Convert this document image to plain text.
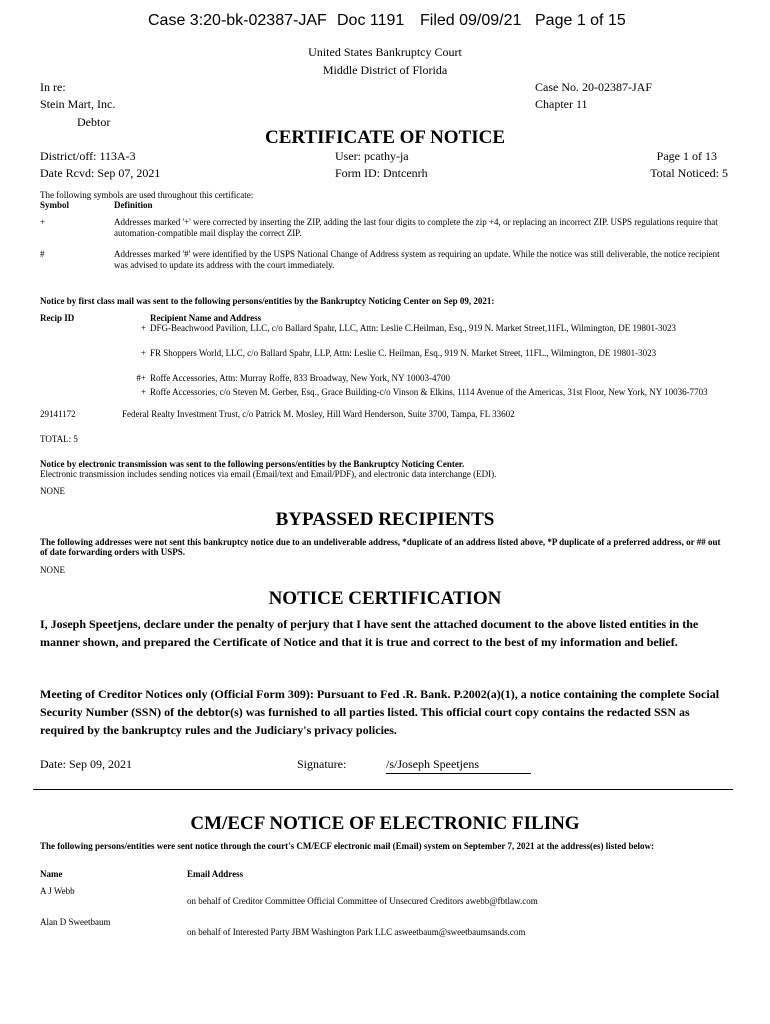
Case 3:20-bk-02387-JAF Doc 1191 Filed 09/09/21 Page 1 of 15
United States Bankruptcy Court
Middle District of Florida
In re:
Stein Mart, Inc.
Debtor
Case No. 20-02387-JAF
Chapter 11
CERTIFICATE OF NOTICE
District/off: 113A-3
Date Rcvd: Sep 07, 2021
User: pcathy-ja
Form ID: Dntcenrh
Page 1 of 13
Total Noticed: 5
The following symbols are used throughout this certificate:
Symbol	Definition
+	Addresses marked '+' were corrected by inserting the ZIP, adding the last four digits to complete the zip +4, or replacing an incorrect ZIP. USPS regulations require that automation-compatible mail display the correct ZIP.
#	Addresses marked '#' were identified by the USPS National Change of Address system as requiring an update. While the notice was still deliverable, the notice recipient was advised to update its address with the court immediately.
Notice by first class mail was sent to the following persons/entities by the Bankruptcy Noticing Center on Sep 09, 2021:
Recip ID	Recipient Name and Address
+ DFG-Beachwood Pavilion, LLC, c/o Ballard Spahr, LLC, Attn: Leslie C.Heilman, Esq., 919 N. Market Street,11FL, Wilmington, DE 19801-3023
+ FR Shoppers World, LLC, c/o Ballard Spahr, LLP, Attn: Leslie C. Heilman, Esq., 919 N. Market Street, 11FL., Wilmington, DE 19801-3023
#+ Roffe Accessories, Attn: Murray Roffe, 833 Broadway, New York, NY 10003-4700
+ Roffe Accessories, c/o Steven M. Gerber, Esq., Grace Building-c/o Vinson & Elkins, 1114 Avenue of the Americas, 31st Floor, New York, NY 10036-7703
29141172	Federal Realty Investment Trust, c/o Patrick M. Mosley, Hill Ward Henderson, Suite 3700, Tampa, FL 33602
TOTAL: 5
Notice by electronic transmission was sent to the following persons/entities by the Bankruptcy Noticing Center.
Electronic transmission includes sending notices via email (Email/text and Email/PDF), and electronic data interchange (EDI).
NONE
BYPASSED RECIPIENTS
The following addresses were not sent this bankruptcy notice due to an undeliverable address, *duplicate of an address listed above, *P duplicate of a preferred address, or ## out of date forwarding orders with USPS.
NONE
NOTICE CERTIFICATION
I, Joseph Speetjens, declare under the penalty of perjury that I have sent the attached document to the above listed entities in the manner shown, and prepared the Certificate of Notice and that it is true and correct to the best of my information and belief.
Meeting of Creditor Notices only (Official Form 309): Pursuant to Fed .R. Bank. P.2002(a)(1), a notice containing the complete Social Security Number (SSN) of the debtor(s) was furnished to all parties listed. This official court copy contains the redacted SSN as required by the bankruptcy rules and the Judiciary's privacy policies.
Date: Sep 09, 2021	Signature:	/s/Joseph Speetjens
CM/ECF NOTICE OF ELECTRONIC FILING
The following persons/entities were sent notice through the court's CM/ECF electronic mail (Email) system on September 7, 2021 at the address(es) listed below:
Name	Email Address
A J Webb
on behalf of Creditor Committee Official Committee of Unsecured Creditors awebb@fbtlaw.com
Alan D Sweetbaum
on behalf of Interested Party JBM Washington Park LLC asweetbaum@sweetbaumsands.com
